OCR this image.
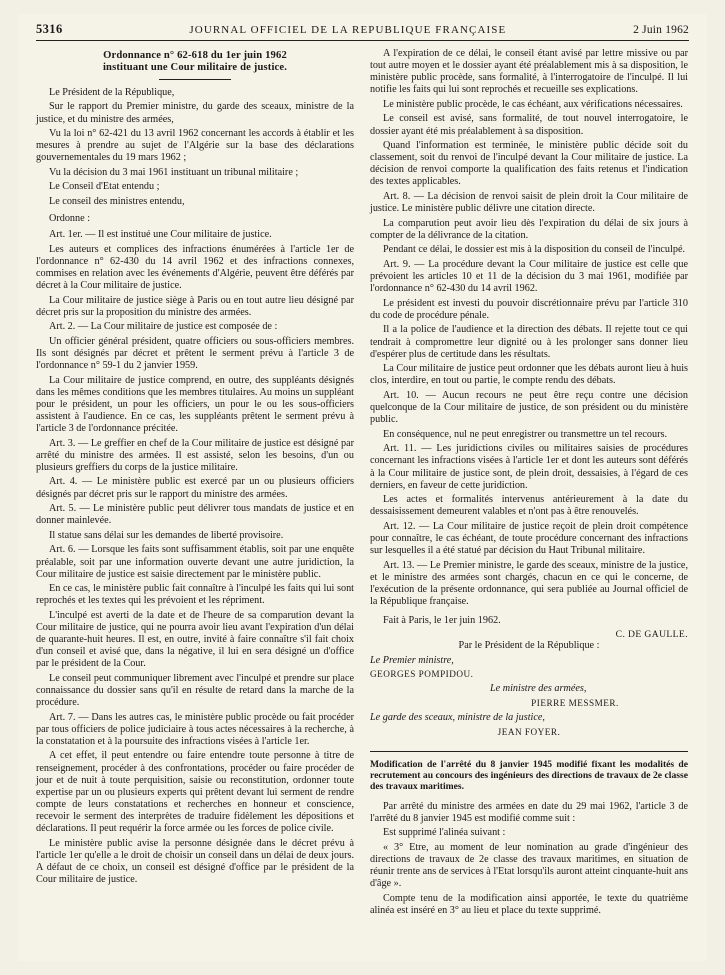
5316	JOURNAL OFFICIEL DE LA REPUBLIQUE FRANÇAISE	2 Juin 1962
Ordonnance n° 62-618 du 1er juin 1962
instituant une Cour militaire de justice.
Le Président de la République,
Sur le rapport du Premier ministre, du garde des sceaux, ministre de la justice, et du ministre des armées,
Vu la loi n° 62-421 du 13 avril 1962 concernant les accords à établir et les mesures à prendre au sujet de l'Algérie sur la base des déclarations gouvernementales du 19 mars 1962 ;
Vu la décision du 3 mai 1961 instituant un tribunal militaire ;
Le Conseil d'Etat entendu ;
Le conseil des ministres entendu,
Ordonne :
Art. 1er. — Il est institué une Cour militaire de justice.
Les auteurs et complices des infractions énumérées à l'article 1er de l'ordonnance n° 62-430 du 14 avril 1962 et des infractions connexes, commises en relation avec les événements d'Algérie, peuvent être déférés par décret à la Cour militaire de justice.
La Cour militaire de justice siège à Paris ou en tout autre lieu désigné par décret pris sur la proposition du ministre des armées.
Art. 2. — La Cour militaire de justice est composée de :
Un officier général président, quatre officiers ou sous-officiers membres. Ils sont désignés par décret et prêtent le serment prévu à l'article 3 de l'ordonnance n° 59-1 du 2 janvier 1959.
La Cour militaire de justice comprend, en outre, des suppléants désignés dans les mêmes conditions que les membres titulaires. Au moins un suppléant pour le président, un pour les officiers, un pour le ou les sous-officiers assistent à l'audience. En ce cas, les suppléants prêtent le serment prévu à l'article 3 de l'ordonnance précitée.
Art. 3. — Le greffier en chef de la Cour militaire de justice est désigné par arrêté du ministre des armées. Il est assisté, selon les besoins, d'un ou plusieurs greffiers du corps de la justice militaire.
Art. 4. — Le ministère public est exercé par un ou plusieurs officiers désignés par décret pris sur le rapport du ministre des armées.
Art. 5. — Le ministère public peut délivrer tous mandats de justice et en donner mainlevée.
Il statue sans délai sur les demandes de liberté provisoire.
Art. 6. — Lorsque les faits sont suffisamment établis, soit par une enquête préalable, soit par une information ouverte devant une autre juridiction, la Cour militaire de justice est saisie directement par le ministère public.
En ce cas, le ministère public fait connaître à l'inculpé les faits qui lui sont reprochés et les textes qui les prévoient et les répriment.
L'inculpé est averti de la date et de l'heure de sa comparution devant la Cour militaire de justice, qui ne pourra avoir lieu avant l'expiration d'un délai de quarante-huit heures. Il est, en outre, invité à faire connaître s'il fait choix d'un conseil et avisé que, dans la négative, il lui en sera désigné un d'office par le président de la Cour.
Le conseil peut communiquer librement avec l'inculpé et prendre sur place connaissance du dossier sans qu'il en résulte de retard dans la marche de la procédure.
Art. 7. — Dans les autres cas, le ministère public procède ou fait procéder par tous officiers de police judiciaire à tous actes nécessaires à la recherche, à la constatation et à la poursuite des infractions visées à l'article 1er.
A cet effet, il peut entendre ou faire entendre toute personne à titre de renseignement, procéder à des confrontations, procéder ou faire procéder de jour et de nuit à toute perquisition, saisie ou reconstitution, ordonner toute expertise par un ou plusieurs experts qui prêtent devant lui serment de rendre compte de leurs constatations et recherches en honneur et conscience, recevoir le serment des interprètes de traduire fidèlement les dépositions et déclarations. Il peut requérir la force armée ou les forces de police civile.
Le ministère public avise la personne désignée dans le décret prévu à l'article 1er qu'elle a le droit de choisir un conseil dans un délai de deux jours. A défaut de ce choix, un conseil est désigné d'office par le président de la Cour militaire de justice.
A l'expiration de ce délai, le conseil étant avisé par lettre missive ou par tout autre moyen et le dossier ayant été préalablement mis à sa disposition, le ministère public procède, sans formalité, à l'interrogatoire de l'inculpé. Il lui notifie les faits qui lui sont reprochés et recueille ses explications.
Le ministère public procède, le cas échéant, aux vérifications nécessaires.
Le conseil est avisé, sans formalité, de tout nouvel interrogatoire, le dossier ayant été mis préalablement à sa disposition.
Quand l'information est terminée, le ministère public décide soit du classement, soit du renvoi de l'inculpé devant la Cour militaire de justice. La décision de renvoi comporte la qualification des faits retenus et l'indication des textes applicables.
Art. 8. — La décision de renvoi saisit de plein droit la Cour militaire de justice. Le ministère public délivre une citation directe.
La comparution peut avoir lieu dès l'expiration du délai de six jours à compter de la délivrance de la citation.
Pendant ce délai, le dossier est mis à la disposition du conseil de l'inculpé.
Art. 9. — La procédure devant la Cour militaire de justice est celle que prévoient les articles 10 et 11 de la décision du 3 mai 1961, modifiée par l'ordonnance n° 62-430 du 14 avril 1962.
Le président est investi du pouvoir discrétionnaire prévu par l'article 310 du code de procédure pénale.
Il a la police de l'audience et la direction des débats. Il rejette tout ce qui tendrait à compromettre leur dignité ou à les prolonger sans donner lieu d'espérer plus de certitude dans les résultats.
La Cour militaire de justice peut ordonner que les débats auront lieu à huis clos, interdire, en tout ou partie, le compte rendu des débats.
Art. 10. — Aucun recours ne peut être reçu contre une décision quelconque de la Cour militaire de justice, de son président ou du ministère public.
En conséquence, nul ne peut enregistrer ou transmettre un tel recours.
Art. 11. — Les juridictions civiles ou militaires saisies de procédures concernant les infractions visées à l'article 1er et dont les auteurs sont déférés à la Cour militaire de justice sont, de plein droit, dessaisies, à l'égard de ces derniers, en faveur de cette juridiction.
Les actes et formalités intervenus antérieurement à la date du dessaisissement demeurent valables et n'ont pas à être renouvelés.
Art. 12. — La Cour militaire de justice reçoit de plein droit compétence pour connaître, le cas échéant, de toute procédure concernant des infractions sur lesquelles il a été statué par décision du Haut Tribunal militaire.
Art. 13. — Le Premier ministre, le garde des sceaux, ministre de la justice, et le ministre des armées sont chargés, chacun en ce qui le concerne, de l'exécution de la présente ordonnance, qui sera publiée au Journal officiel de la République française.
Fait à Paris, le 1er juin 1962.
C. DE GAULLE.
Par le Président de la République :
Le Premier ministre,
GEORGES POMPIDOU.
Le ministre des armées,
PIERRE MESSMER.
Le garde des sceaux, ministre de la justice,
JEAN FOYER.
Modification de l'arrêté du 8 janvier 1945 modifié fixant les modalités de recrutement au concours des ingénieurs des directions de travaux de 2e classe des travaux maritimes.
Par arrêté du ministre des armées en date du 29 mai 1962, l'article 3 de l'arrêté du 8 janvier 1945 est modifié comme suit :
Est supprimé l'alinéa suivant :
« 3° Etre, au moment de leur nomination au grade d'ingénieur des directions de travaux de 2e classe des travaux maritimes, en situation de réunir trente ans de services à l'Etat lorsqu'ils auront atteint cinquante-huit ans d'âge ».
Compte tenu de la modification ainsi apportée, le texte du quatrième alinéa est inséré en 3° au lieu et place du texte supprimé.
